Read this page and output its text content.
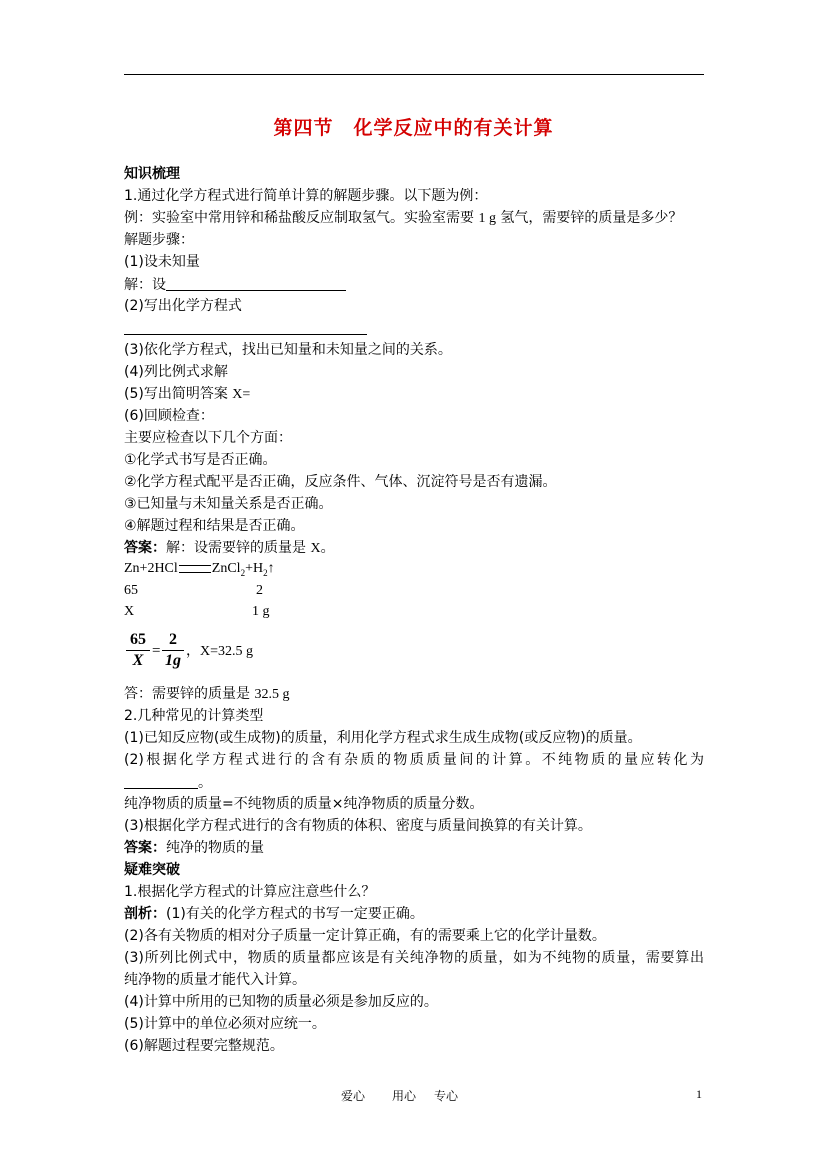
第四节　化学反应中的有关计算
知识梳理
1.通过化学方程式进行简单计算的解题步骤。以下题为例：
例：实验室中常用锌和稀盐酸反应制取氢气。实验室需要 1 g 氢气，需要锌的质量是多少？
解题步骤：
(1)设未知量
解：设
(2)写出化学方程式
(3)依化学方程式，找出已知量和未知量之间的关系。
(4)列比例式求解
(5)写出简明答案 X=
(6)回顾检查：
主要应检查以下几个方面：
①化学式书写是否正确。
②化学方程式配平是否正确，反应条件、气体、沉淀符号是否有遗漏。
③已知量与未知量关系是否正确。
④解题过程和结果是否正确。
答案：解：设需要锌的质量是 X。
Zn+2HCl $ZnCl_2+H_2↑$
65	2
X	1 g
65
X
=
2
1g
，X=32.5 g
答：需要锌的质量是 32.5 g
2.几种常见的计算类型
(1)已知反应物(或生成物)的质量，利用化学方程式求生成生成物(或反应物)的质量。
(2)根据化学方程式进行的含有杂质的物质质量间的计算。不纯物质的量应转化为
。
纯净物质的质量=不纯物质的质量×纯净物质的质量分数。
(3)根据化学方程式进行的含有物质的体积、密度与质量间换算的有关计算。
答案：纯净的物质的量
疑难突破
1.根据化学方程式的计算应注意些什么？
剖析：(1)有关的化学方程式的书写一定要正确。
(2)各有关物质的相对分子质量一定计算正确，有的需要乘上它的化学计量数。
(3)所列比例式中，物质的质量都应该是有关纯净物的质量，如为不纯物的质量，需要算出
纯净物的质量才能代入计算。
(4)计算中所用的已知物的质量必须是参加反应的。
(5)计算中的单位必须对应统一。
(6)解题过程要完整规范。
爱心 用心 专心	1
